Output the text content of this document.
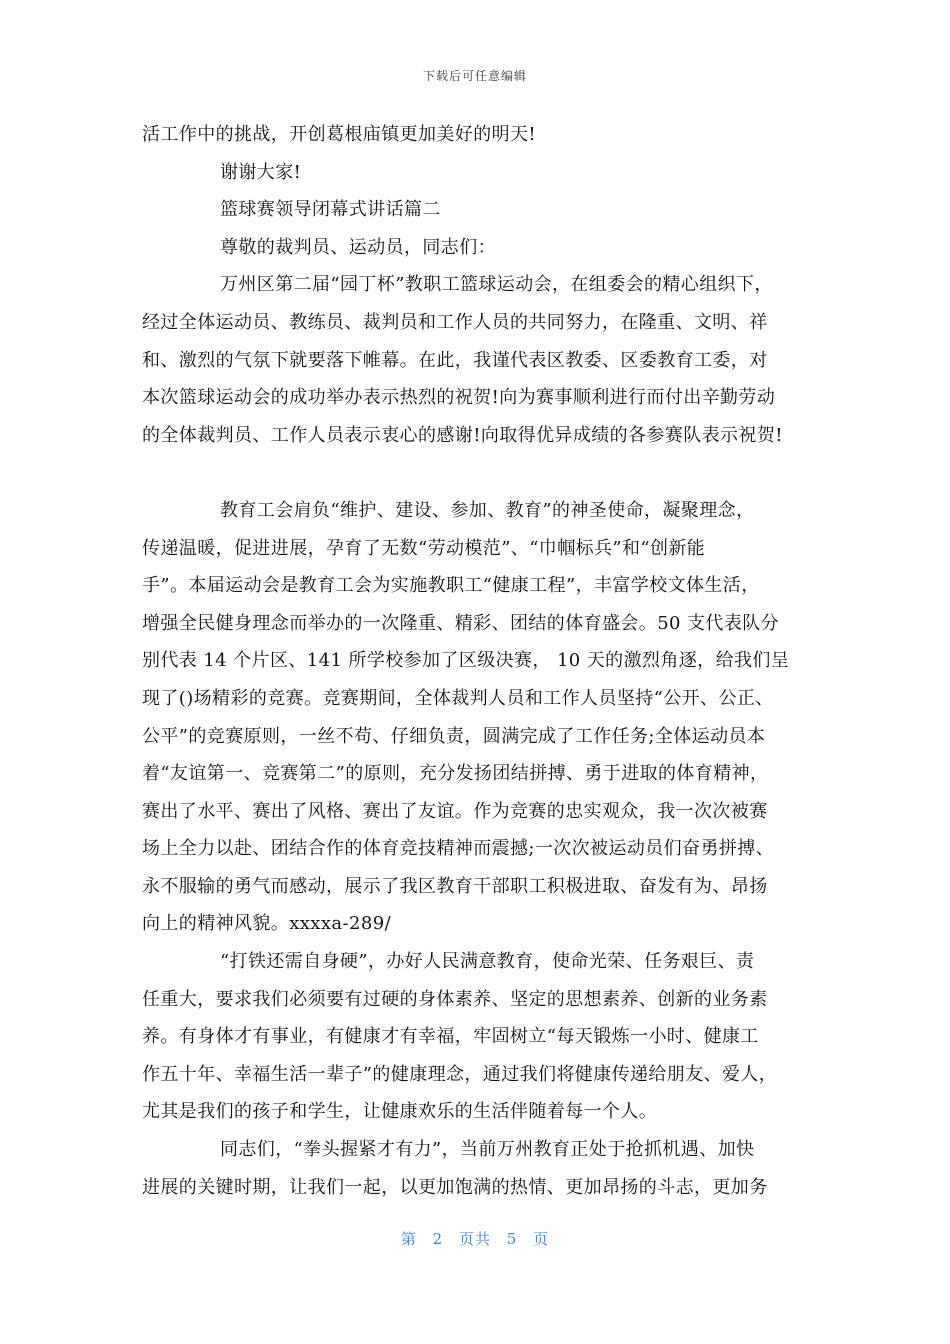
下载后可任意编辑
活工作中的挑战，开创葛根庙镇更加美好的明天!
谢谢大家!
篮球赛领导闭幕式讲话篇二
尊敬的裁判员、运动员，同志们：
万州区第二届“园丁杯”教职工篮球运动会，在组委会的精心组织下，
经过全体运动员、教练员、裁判员和工作人员的共同努力，在隆重、文明、祥
和、激烈的气氛下就要落下帷幕。在此，我谨代表区教委、区委教育工委，对
本次篮球运动会的成功举办表示热烈的祝贺!向为赛事顺利进行而付出辛勤劳动
的全体裁判员、工作人员表示衷心的感谢!向取得优异成绩的各参赛队表示祝贺!
教育工会肩负“维护、建设、参加、教育”的神圣使命，凝聚理念，
传递温暖，促进进展，孕育了无数“劳动模范”、“巾帼标兵”和“创新能
手”。本届运动会是教育工会为实施教职工“健康工程”，丰富学校文体生活，
增强全民健身理念而举办的一次隆重、精彩、团结的体育盛会。50 支代表队分
别代表 14 个片区、141 所学校参加了区级决赛， 10 天的激烈角逐，给我们呈
现了()场精彩的竞赛。竞赛期间，全体裁判人员和工作人员坚持“公开、公正、
公平”的竞赛原则，一丝不苟、仔细负责，圆满完成了工作任务;全体运动员本
着“友谊第一、竞赛第二”的原则，充分发扬团结拼搏、勇于进取的体育精神，
赛出了水平、赛出了风格、赛出了友谊。作为竞赛的忠实观众，我一次次被赛
场上全力以赴、团结合作的体育竞技精神而震撼;一次次被运动员们奋勇拼搏、
永不服输的勇气而感动，展示了我区教育干部职工积极进取、奋发有为、昂扬
向上的精神风貌。xxxxa-289/
“打铁还需自身硬”，办好人民满意教育，使命光荣、任务艰巨、责
任重大，要求我们必须要有过硬的身体素养、坚定的思想素养、创新的业务素
养。有身体才有事业，有健康才有幸福，牢固树立“每天锻炼一小时、健康工
作五十年、幸福生活一辈子”的健康理念，通过我们将健康传递给朋友、爱人，
尤其是我们的孩子和学生，让健康欢乐的生活伴随着每一个人。
同志们，“拳头握紧才有力”，当前万州教育正处于抢抓机遇、加快
进展的关键时期，让我们一起，以更加饱满的热情、更加昂扬的斗志，更加务
第 2 页共 5 页
